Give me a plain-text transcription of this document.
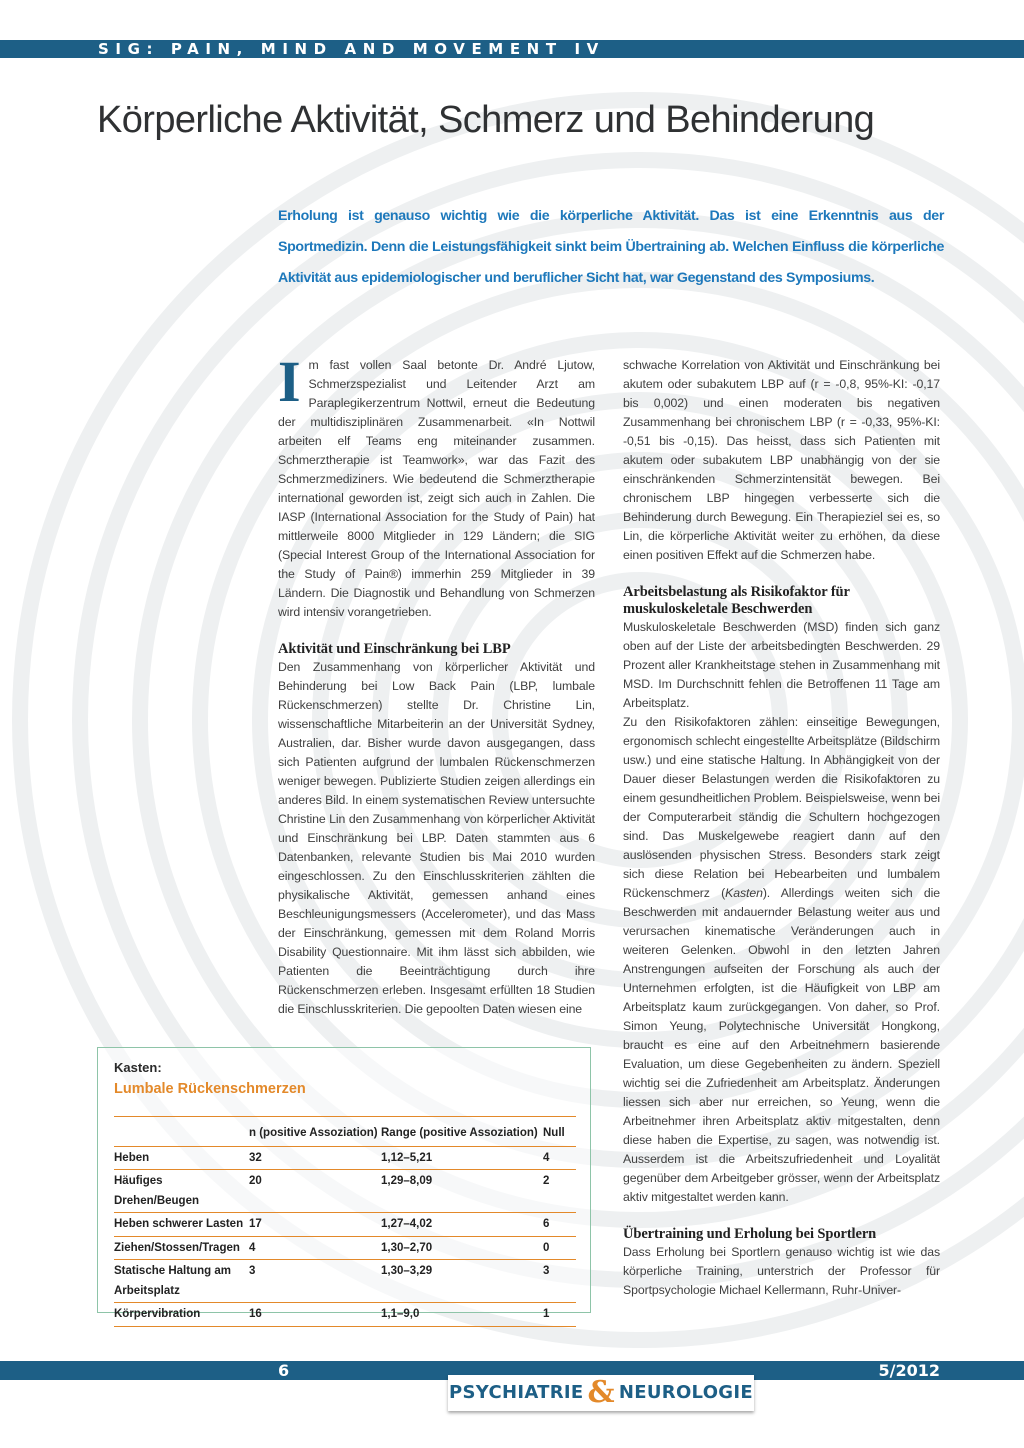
SIG: PAIN, MIND AND MOVEMENT IV
Körperliche Aktivität, Schmerz und Behinderung

Erholung ist genauso wichtig wie die körperliche Aktivität. Das ist eine Erkenntnis aus der Sportmedizin. Denn die Leistungsfähigkeit sinkt beim Übertraining ab. Welchen Einfluss die körperliche Aktivität aus epidemiologischer und beruflicher Sicht hat, war Gegenstand des Symposiums.

Im fast vollen Saal betonte Dr. André Ljutow, Schmerzspezialist und Leitender Arzt am Paraplegikerzentrum Nottwil, erneut die Bedeutung der multidisziplinären Zusammenarbeit. «In Nottwil arbeiten elf Teams eng miteinander zusammen. Schmerztherapie ist Teamwork», war das Fazit des Schmerzmediziners. Wie bedeutend die Schmerztherapie international geworden ist, zeigt sich auch in Zahlen. Die IASP (International Association for the Study of Pain) hat mittlerweile 8000 Mitglieder in 129 Ländern; die SIG (Special Interest Group of the International Association for the Study of Pain®) immerhin 259 Mitglieder in 39 Ländern. Die Diagnostik und Behandlung von Schmerzen wird intensiv vorangetrieben.

Aktivität und Einschränkung bei LBP

Den Zusammenhang von körperlicher Aktivität und Behinderung bei Low Back Pain (LBP, lumbale Rückenschmerzen) stellte Dr. Christine Lin, wissenschaftliche Mitarbeiterin an der Universität Sydney, Australien, dar. Bisher wurde davon ausgegangen, dass sich Patienten aufgrund der lumbalen Rückenschmerzen weniger bewegen. Publizierte Studien zeigen allerdings ein anderes Bild. In einem systematischen Review untersuchte Christine Lin den Zusammenhang von körperlicher Aktivität und Einschränkung bei LBP. Daten stammten aus 6 Datenbanken, relevante Studien bis Mai 2010 wurden eingeschlossen. Zu den Einschlusskriterien zählten die physikalische Aktivität, gemessen anhand eines Beschleunigungsmessers (Accelerometer), und das Mass der Einschränkung, gemessen mit dem Roland Morris Disability Questionnaire. Mit ihm lässt sich abbilden, wie Patienten die Beeinträchtigung durch ihre Rückenschmerzen erleben. Insgesamt erfüllten 18 Studien die Einschlusskriterien. Die gepoolten Daten wiesen eine

schwache Korrelation von Aktivität und Einschränkung bei akutem oder subakutem LBP auf (r = -0,8, 95%-KI: -0,17 bis 0,002) und einen moderaten bis negativen Zusammenhang bei chronischem LBP (r = -0,33, 95%-KI: -0,51 bis -0,15). Das heisst, dass sich Patienten mit akutem oder subakutem LBP unabhängig von der sie einschränkenden Schmerzintensität bewegen. Bei chronischem LBP hingegen verbesserte sich die Behinderung durch Bewegung. Ein Therapieziel sei es, so Lin, die körperliche Aktivität weiter zu erhöhen, da diese einen positiven Effekt auf die Schmerzen habe.

Arbeitsbelastung als Risikofaktor für muskuloskeletale Beschwerden

Muskuloskeletale Beschwerden (MSD) finden sich ganz oben auf der Liste der arbeitsbedingten Beschwerden. 29 Prozent aller Krankheitstage stehen in Zusammenhang mit MSD. Im Durchschnitt fehlen die Betroffenen 11 Tage am Arbeitsplatz.

Zu den Risikofaktoren zählen: einseitige Bewegungen, ergonomisch schlecht eingestellte Arbeitsplätze (Bildschirm usw.) und eine statische Haltung. In Abhängigkeit von der Dauer dieser Belastungen werden die Risikofaktoren zu einem gesundheitlichen Problem. Beispielsweise, wenn bei der Computerarbeit ständig die Schultern hochgezogen sind. Das Muskelgewebe reagiert dann auf den auslösenden physischen Stress. Besonders stark zeigt sich diese Relation bei Hebearbeiten und lumbalem Rückenschmerz (Kasten). Allerdings weiten sich die Beschwerden mit andauernder Belastung weiter aus und verursachen kinematische Veränderungen auch in weiteren Gelenken. Obwohl in den letzten Jahren Anstrengungen aufseiten der Forschung als auch der Unternehmen erfolgten, ist die Häufigkeit von LBP am Arbeitsplatz kaum zurückgegangen. Von daher, so Prof. Simon Yeung, Polytechnische Universität Hongkong, braucht es eine auf den Arbeitnehmern basierende Evaluation, um diese Gegebenheiten zu ändern. Speziell wichtig sei die Zufriedenheit am Arbeitsplatz. Änderungen liessen sich aber nur erreichen, so Yeung, wenn die Arbeitnehmer ihren Arbeitsplatz aktiv mitgestalten, denn diese haben die Expertise, zu sagen, was notwendig ist. Ausserdem ist die Arbeitszufriedenheit und Loyalität gegenüber dem Arbeitgeber grösser, wenn der Arbeitsplatz aktiv mitgestaltet werden kann.

Übertraining und Erholung bei Sportlern

Dass Erholung bei Sportlern genauso wichtig ist wie das körperliche Training, unterstrich der Professor für Sportpsychologie Michael Kellermann, Ruhr-Univer-

Kasten:
Lumbale Rückenschmerzen
	n (positive Assoziation)	Range (positive Assoziation)	Null
Heben	32	1,12–5,21	4
Häufiges Drehen/Beugen	20	1,29–8,09	2
Heben schwerer Lasten	17	1,27–4,02	6
Ziehen/Stossen/Tragen	4	1,30–2,70	0
Statische Haltung am Arbeitsplatz	3	1,30–3,29	3
Körpervibration	16	1,1–9,0	1
6	5/2012
PSYCHIATRIE & NEUROLOGIE
